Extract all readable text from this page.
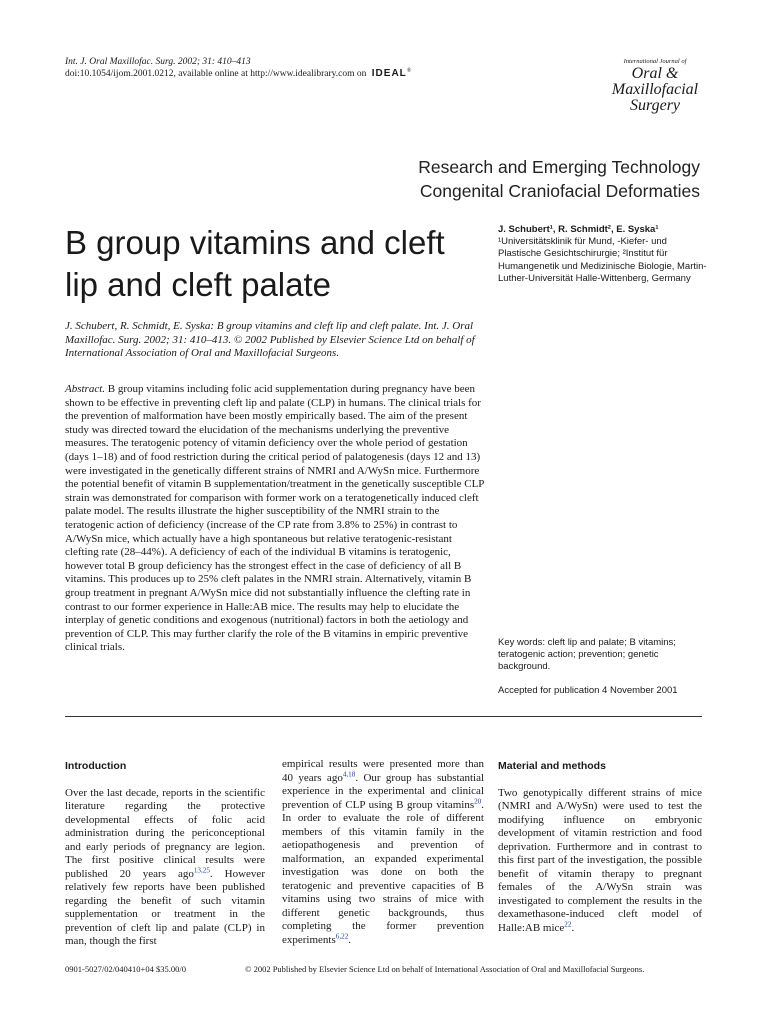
Int. J. Oral Maxillofac. Surg. 2002; 31: 410–413
doi:10.1054/ijom.2001.0212, available online at http://www.idealibrary.com on IDEAL®
International Journal of
Oral &
Maxillofacial
Surgery
Research and Emerging Technology
Congenital Craniofacial Deformaties
B group vitamins and cleft lip and cleft palate
J. Schubert¹, R. Schmidt², E. Syska¹
¹Universitätsklinik für Mund, -Kiefer- und Plastische Gesichtschirurgie; ²Institut für Humangenetik und Medizinische Biologie, Martin-Luther-Universität Halle-Wittenberg, Germany
J. Schubert, R. Schmidt, E. Syska: B group vitamins and cleft lip and cleft palate. Int. J. Oral Maxillofac. Surg. 2002; 31: 410–413. © 2002 Published by Elsevier Science Ltd on behalf of International Association of Oral and Maxillofacial Surgeons.
Abstract. B group vitamins including folic acid supplementation during pregnancy have been shown to be effective in preventing cleft lip and palate (CLP) in humans. The clinical trials for the prevention of malformation have been mostly empirically based. The aim of the present study was directed toward the elucidation of the mechanisms underlying the preventive measures. The teratogenic potency of vitamin deficiency over the whole period of gestation (days 1–18) and of food restriction during the critical period of palatogenesis (days 12 and 13) were investigated in the genetically different strains of NMRI and A/WySn mice. Furthermore the potential benefit of vitamin B supplementation/treatment in the genetically susceptible CLP strain was demonstrated for comparison with former work on a teratogenetically induced cleft palate model. The results illustrate the higher susceptibility of the NMRI strain to the teratogenic action of deficiency (increase of the CP rate from 3.8% to 25%) in contrast to A/WySn mice, which actually have a high spontaneous but relative teratogenic-resistant clefting rate (28–44%). A deficiency of each of the individual B vitamins is teratogenic, however total B group deficiency has the strongest effect in the case of deficiency of all B vitamins. This produces up to 25% cleft palates in the NMRI strain. Alternatively, vitamin B group treatment in pregnant A/WySn mice did not substantially influence the clefting rate in contrast to our former experience in Halle:AB mice. The results may help to elucidate the interplay of genetic conditions and exogenous (nutritional) factors in both the aetiology and prevention of CLP. This may further clarify the role of the B vitamins in empiric preventive clinical trials.	Key words: cleft lip and palate; B vitamins; teratogenic action; prevention; genetic background.
Accepted for publication 4 November 2001
Introduction
Over the last decade, reports in the scientific literature regarding the protective developmental effects of folic acid administration during the periconceptional and early periods of pregnancy are legion. The first positive clinical results were published 20 years ago$^{13,25}$. However relatively few reports have been published regarding the benefit of such vitamin supplementation or treatment in the prevention of cleft lip and palate (CLP) in man, though the first
empirical results were presented more than 40 years ago$^{4,18}$. Our group has substantial experience in the experimental and clinical prevention of CLP using B group vitamins$^{20}$. In order to evaluate the role of different members of this vitamin family in the aetiopathogenesis and prevention of malformation, an expanded experimental investigation was done on both the teratogenic and preventive capacities of B vitamins using two strains of mice with different genetic backgrounds, thus completing the former prevention experiments$^{6,22}$.
Material and methods
Two genotypically different strains of mice (NMRI and A/WySn) were used to test the modifying influence on embryonic development of vitamin restriction and food deprivation. Furthermore and in contrast to this first part of the investigation, the possible benefit of vitamin therapy to pregnant females of the A/WySn strain was investigated to complement the results in the dexamethasone-induced cleft model of Halle:AB mice$^{22}$.
0901-5027/02/040410+04 $35.00/0	© 2002 Published by Elsevier Science Ltd on behalf of International Association of Oral and Maxillofacial Surgeons.
